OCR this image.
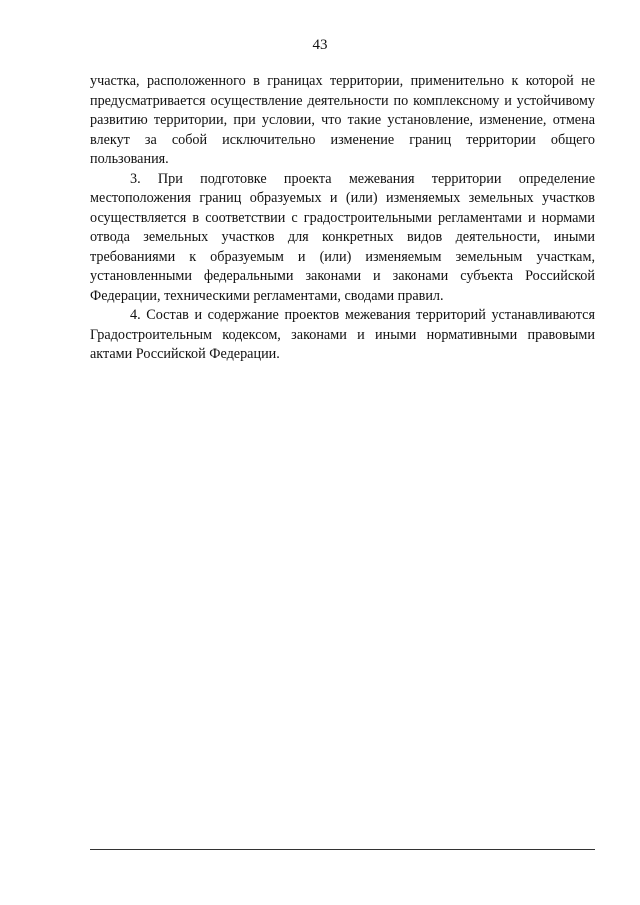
43

участка, расположенного в границах территории, применительно к которой не предусматривается осуществление деятельности по комплексному и устойчивому развитию территории, при условии, что такие установление, изменение, отмена влекут за собой исключительно изменение границ территории общего пользования.

3. При подготовке проекта межевания территории определение местоположения границ образуемых и (или) изменяемых земельных участков осуществляется в соответствии с градостроительными регламентами и нормами отвода земельных участков для конкретных видов деятельности, иными требованиями к образуемым и (или) изменяемым земельным участкам, установленными федеральными законами и законами субъекта Российской Федерации, техническими регламентами, сводами правил.

4. Состав и содержание проектов межевания территорий устанавливаются Градостроительным кодексом, законами и иными нормативными правовыми актами Российской Федерации.
